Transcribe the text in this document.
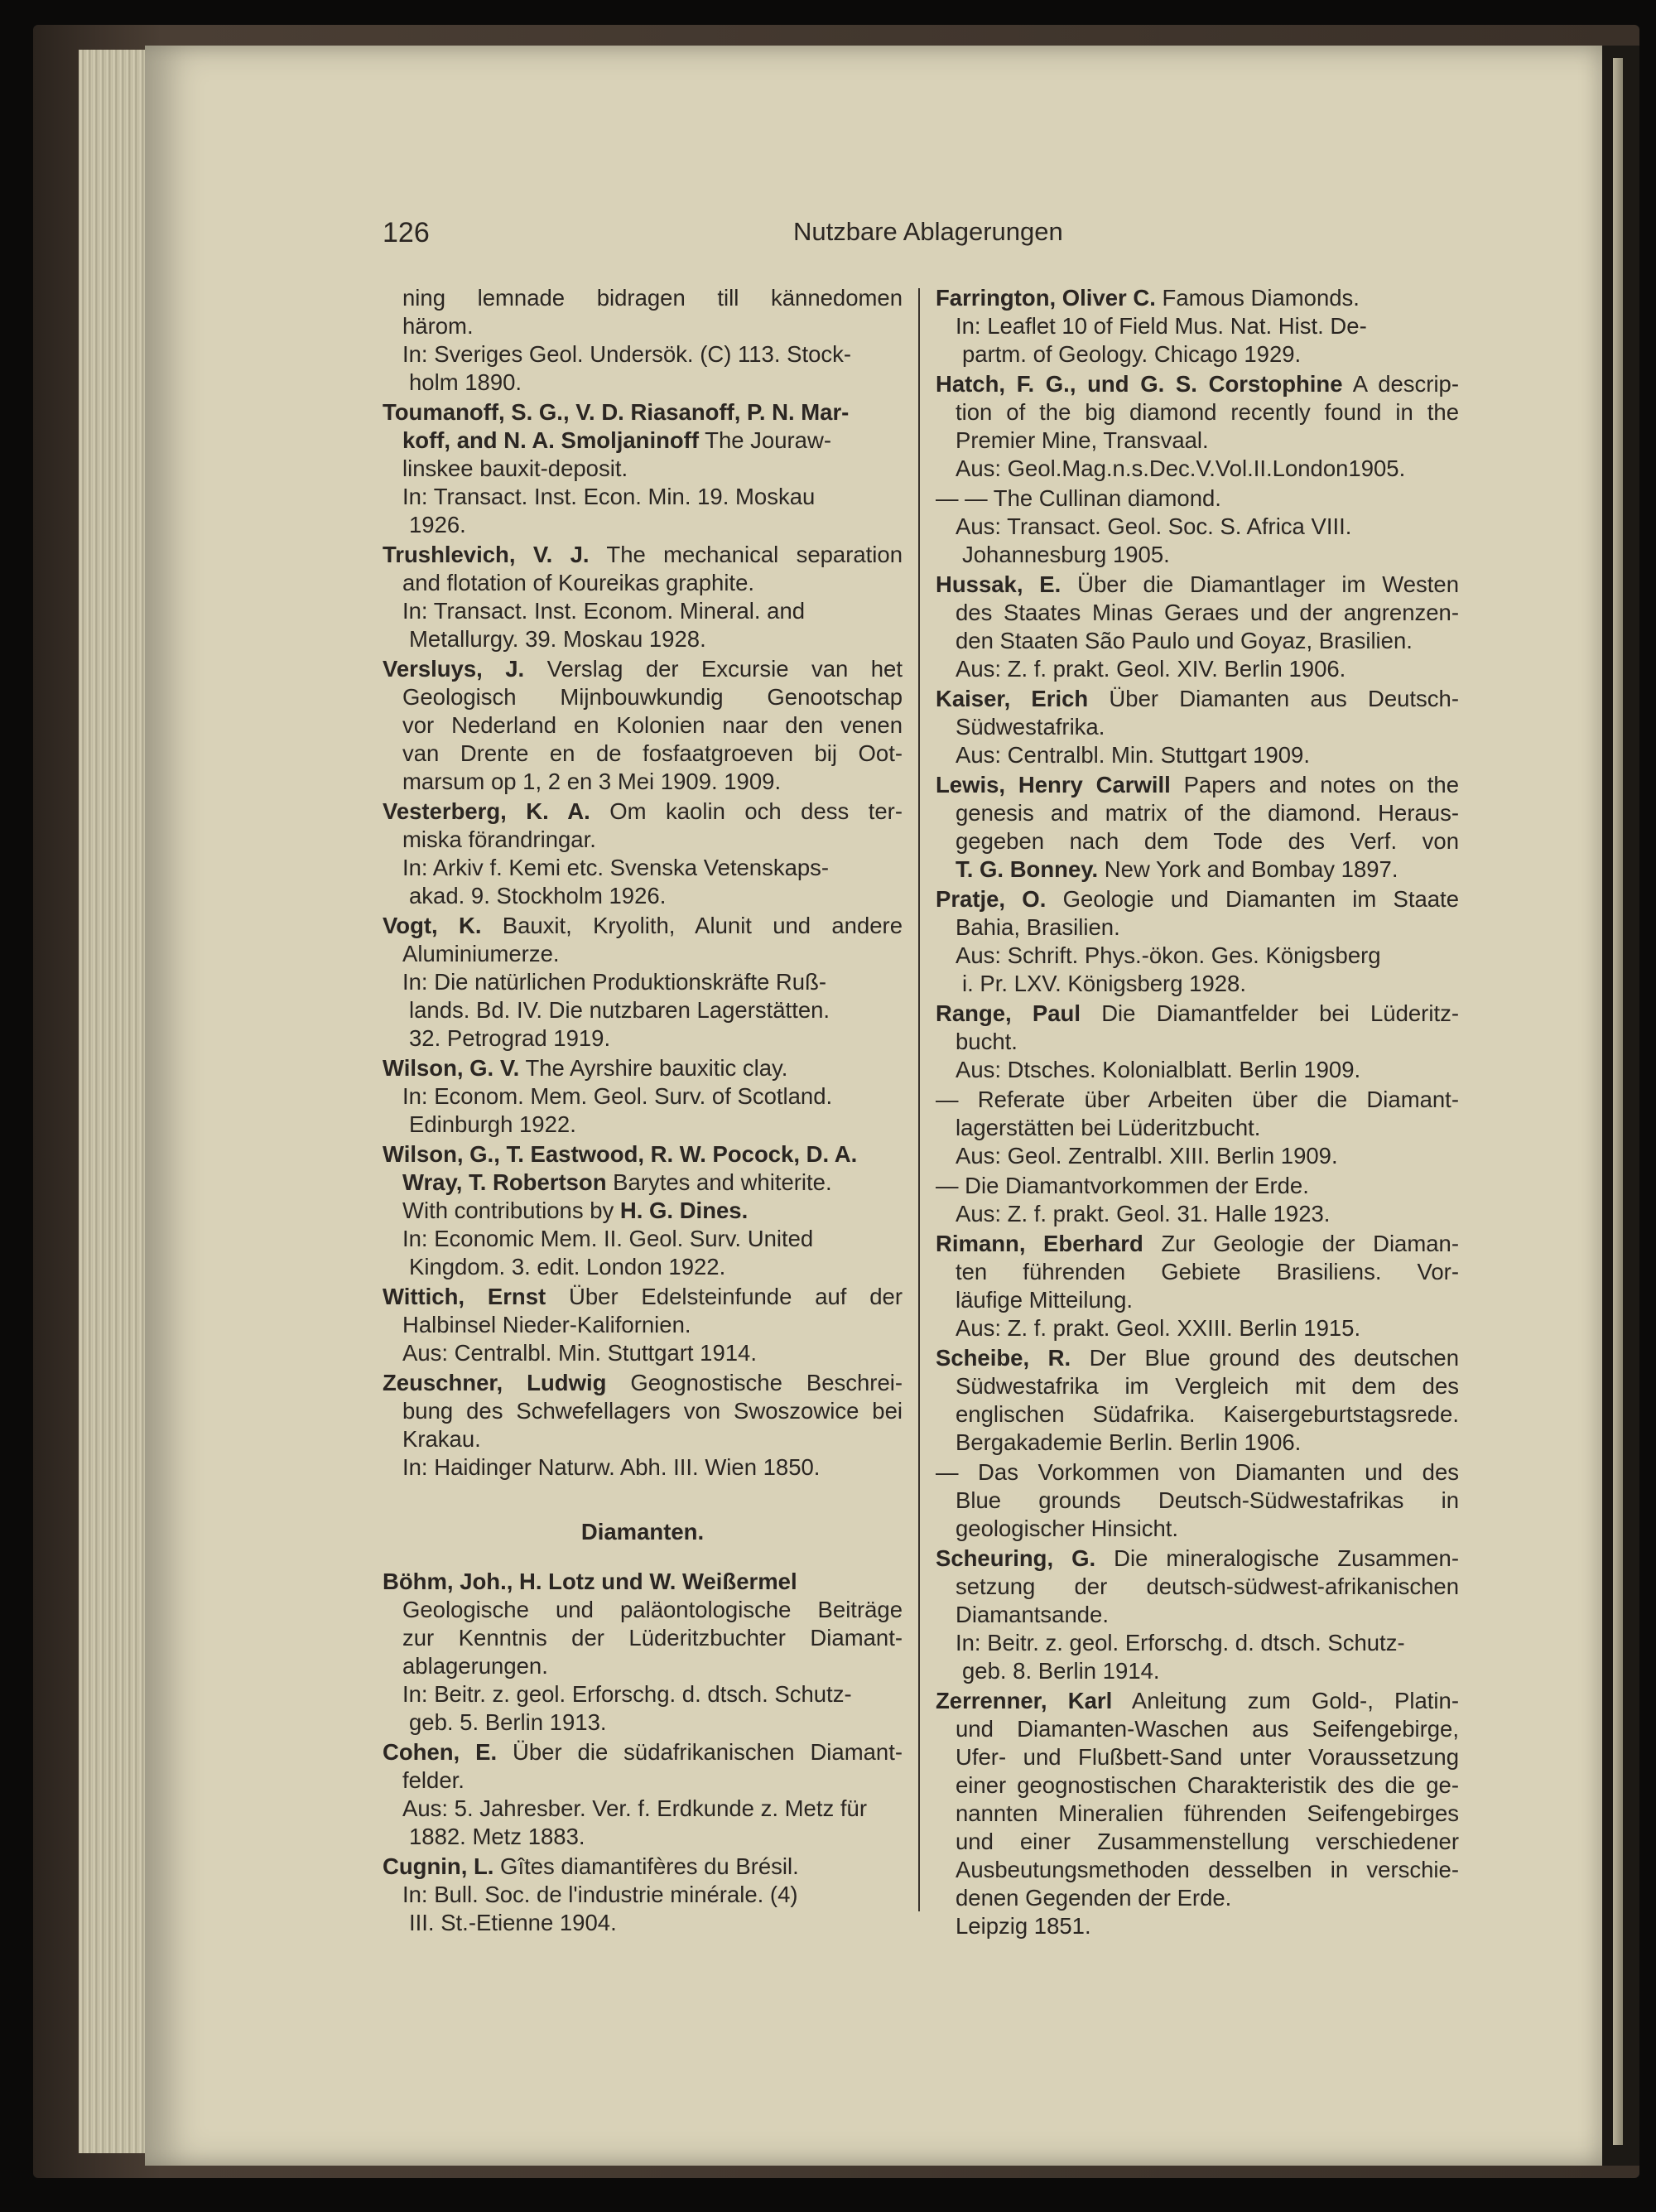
126	Nutzbare Ablagerungen
ning lemnade bidragen till kännedomen
härom.
In: Sveriges Geol. Undersök. (C) 113. Stock-
holm 1890.
Toumanoff, S. G., V. D. Riasanoff, P. N. Mar-
koff, and N. A. Smoljaninoff The Jouraw-
linskee bauxit-deposit.
In: Transact. Inst. Econ. Min. 19. Moskau
1926.
Trushlevich, V. J. The mechanical separation
and flotation of Koureikas graphite.
In: Transact. Inst. Econom. Mineral. and
Metallurgy. 39. Moskau 1928.
Versluys, J. Verslag der Excursie van het
Geologisch Mijnbouwkundig Genootschap
vor Nederland en Kolonien naar den venen
van Drente en de fosfaatgroeven bij Oot-
marsum op 1, 2 en 3 Mei 1909. 1909.
Vesterberg, K. A. Om kaolin och dess ter-
miska förandringar.
In: Arkiv f. Kemi etc. Svenska Vetenskaps-
akad. 9. Stockholm 1926.
Vogt, K. Bauxit, Kryolith, Alunit und andere
Aluminiumerze.
In: Die natürlichen Produktionskräfte Ruß-
lands. Bd. IV. Die nutzbaren Lagerstätten.
32. Petrograd 1919.
Wilson, G. V. The Ayrshire bauxitic clay.
In: Econom. Mem. Geol. Surv. of Scotland.
Edinburgh 1922.
Wilson, G., T. Eastwood, R. W. Pocock, D. A.
Wray, T. Robertson Barytes and whiterite.
With contributions by H. G. Dines.
In: Economic Mem. II. Geol. Surv. United
Kingdom. 3. edit. London 1922.
Wittich, Ernst Über Edelsteinfunde auf der
Halbinsel Nieder-Kalifornien.
Aus: Centralbl. Min. Stuttgart 1914.
Zeuschner, Ludwig Geognostische Beschrei-
bung des Schwefellagers von Swoszowice bei
Krakau.
In: Haidinger Naturw. Abh. III. Wien 1850.
Diamanten.
Böhm, Joh., H. Lotz und W. Weißermel
Geologische und paläontologische Beiträge
zur Kenntnis der Lüderitzbuchter Diamant-
ablagerungen.
In: Beitr. z. geol. Erforschg. d. dtsch. Schutz-
geb. 5. Berlin 1913.
Cohen, E. Über die südafrikanischen Diamant-
felder.
Aus: 5. Jahresber. Ver. f. Erdkunde z. Metz für
1882. Metz 1883.
Cugnin, L. Gîtes diamantifères du Brésil.
In: Bull. Soc. de l'industrie minérale. (4)
III. St.-Etienne 1904.
Farrington, Oliver C. Famous Diamonds.
In: Leaflet 10 of Field Mus. Nat. Hist. De-
partm. of Geology. Chicago 1929.
Hatch, F. G., und G. S. Corstophine A descrip-
tion of the big diamond recently found in the
Premier Mine, Transvaal.
Aus: Geol.Mag.n.s.Dec.V.Vol.II.London1905.
— — The Cullinan diamond.
Aus: Transact. Geol. Soc. S. Africa VIII.
Johannesburg 1905.
Hussak, E. Über die Diamantlager im Westen
des Staates Minas Geraes und der angrenzen-
den Staaten São Paulo und Goyaz, Brasilien.
Aus: Z. f. prakt. Geol. XIV. Berlin 1906.
Kaiser, Erich Über Diamanten aus Deutsch-
Südwestafrika.
Aus: Centralbl. Min. Stuttgart 1909.
Lewis, Henry Carwill Papers and notes on the
genesis and matrix of the diamond. Heraus-
gegeben nach dem Tode des Verf. von
T. G. Bonney. New York and Bombay 1897.
Pratje, O. Geologie und Diamanten im Staate
Bahia, Brasilien.
Aus: Schrift. Phys.-ökon. Ges. Königsberg
i. Pr. LXV. Königsberg 1928.
Range, Paul Die Diamantfelder bei Lüderitz-
bucht.
Aus: Dtsches. Kolonialblatt. Berlin 1909.
— Referate über Arbeiten über die Diamant-
lagerstätten bei Lüderitzbucht.
Aus: Geol. Zentralbl. XIII. Berlin 1909.
— Die Diamantvorkommen der Erde.
Aus: Z. f. prakt. Geol. 31. Halle 1923.
Rimann, Eberhard Zur Geologie der Diaman-
ten führenden Gebiete Brasiliens. Vor-
läufige Mitteilung.
Aus: Z. f. prakt. Geol. XXIII. Berlin 1915.
Scheibe, R. Der Blue ground des deutschen
Südwestafrika im Vergleich mit dem des
englischen Südafrika. Kaisergeburtstagsrede.
Bergakademie Berlin. Berlin 1906.
— Das Vorkommen von Diamanten und des
Blue grounds Deutsch-Südwestafrikas in
geologischer Hinsicht.
Scheuring, G. Die mineralogische Zusammen-
setzung der deutsch-südwest-afrikanischen
Diamantsande.
In: Beitr. z. geol. Erforschg. d. dtsch. Schutz-
geb. 8. Berlin 1914.
Zerrenner, Karl Anleitung zum Gold-, Platin-
und Diamanten-Waschen aus Seifengebirge,
Ufer- und Flußbett-Sand unter Voraussetzung
einer geognostischen Charakteristik des die ge-
nannten Mineralien führenden Seifengebirges
und einer Zusammenstellung verschiedener
Ausbeutungsmethoden desselben in verschie-
denen Gegenden der Erde.
Leipzig 1851.
